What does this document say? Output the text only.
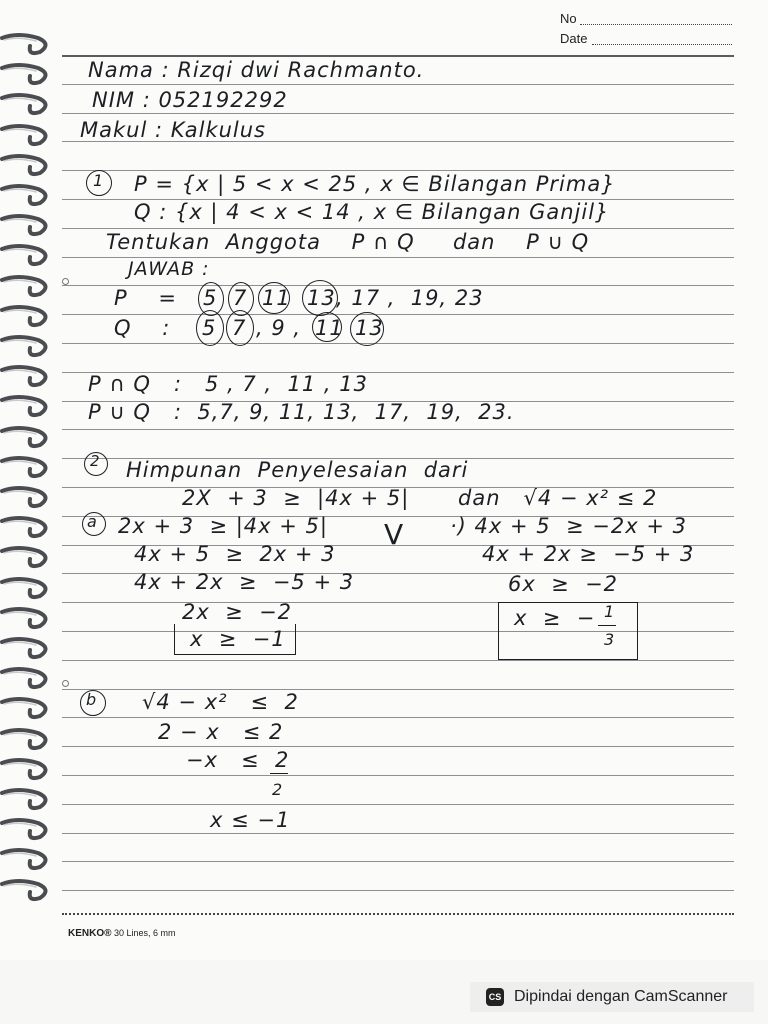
No
Date
Nama : Rizqi dwi Rachmanto.
NIM : 052192292
Makul : Kalkulus
1 P = {x | 5 < x < 25 , x ∈ Bilangan Prima}
Q : {x | 4 < x < 14 , x ∈ Bilangan Ganjil}
Tentukan  Anggota    P ∩ Q     dan    P ∪ Q
JAWAB :
P    = 5 7 11 13 , 17 ,  19, 23
Q    : 5 7 , 9 , 11 13
P ∩ Q   :   5 , 7 ,  11 , 13
P ∪ Q   :  5,7, 9, 11, 13,  17,  19,  23.
2 Himpunan  Penyelesaian  dari
2X  + 3  ≥  |4x + 5| dan   √4 − x² ≤ 2
a 2x + 3  ≥ |4x + 5|
4x + 5  ≥  2x + 3
4x + 2x  ≥  −5 + 3
2x  ≥  −2
x  ≥  −1
V ·) 4x + 5  ≥ −2x + 3
4x + 2x ≥  −5 + 3
6x  ≥  −2
x  ≥  − 1
3
b √4 − x²   ≤  2
2 − x   ≤ 2
−x   ≤  2
2
x ≤ −1
KENKO® 30 Lines, 6 mm
CS Dipindai dengan CamScanner
